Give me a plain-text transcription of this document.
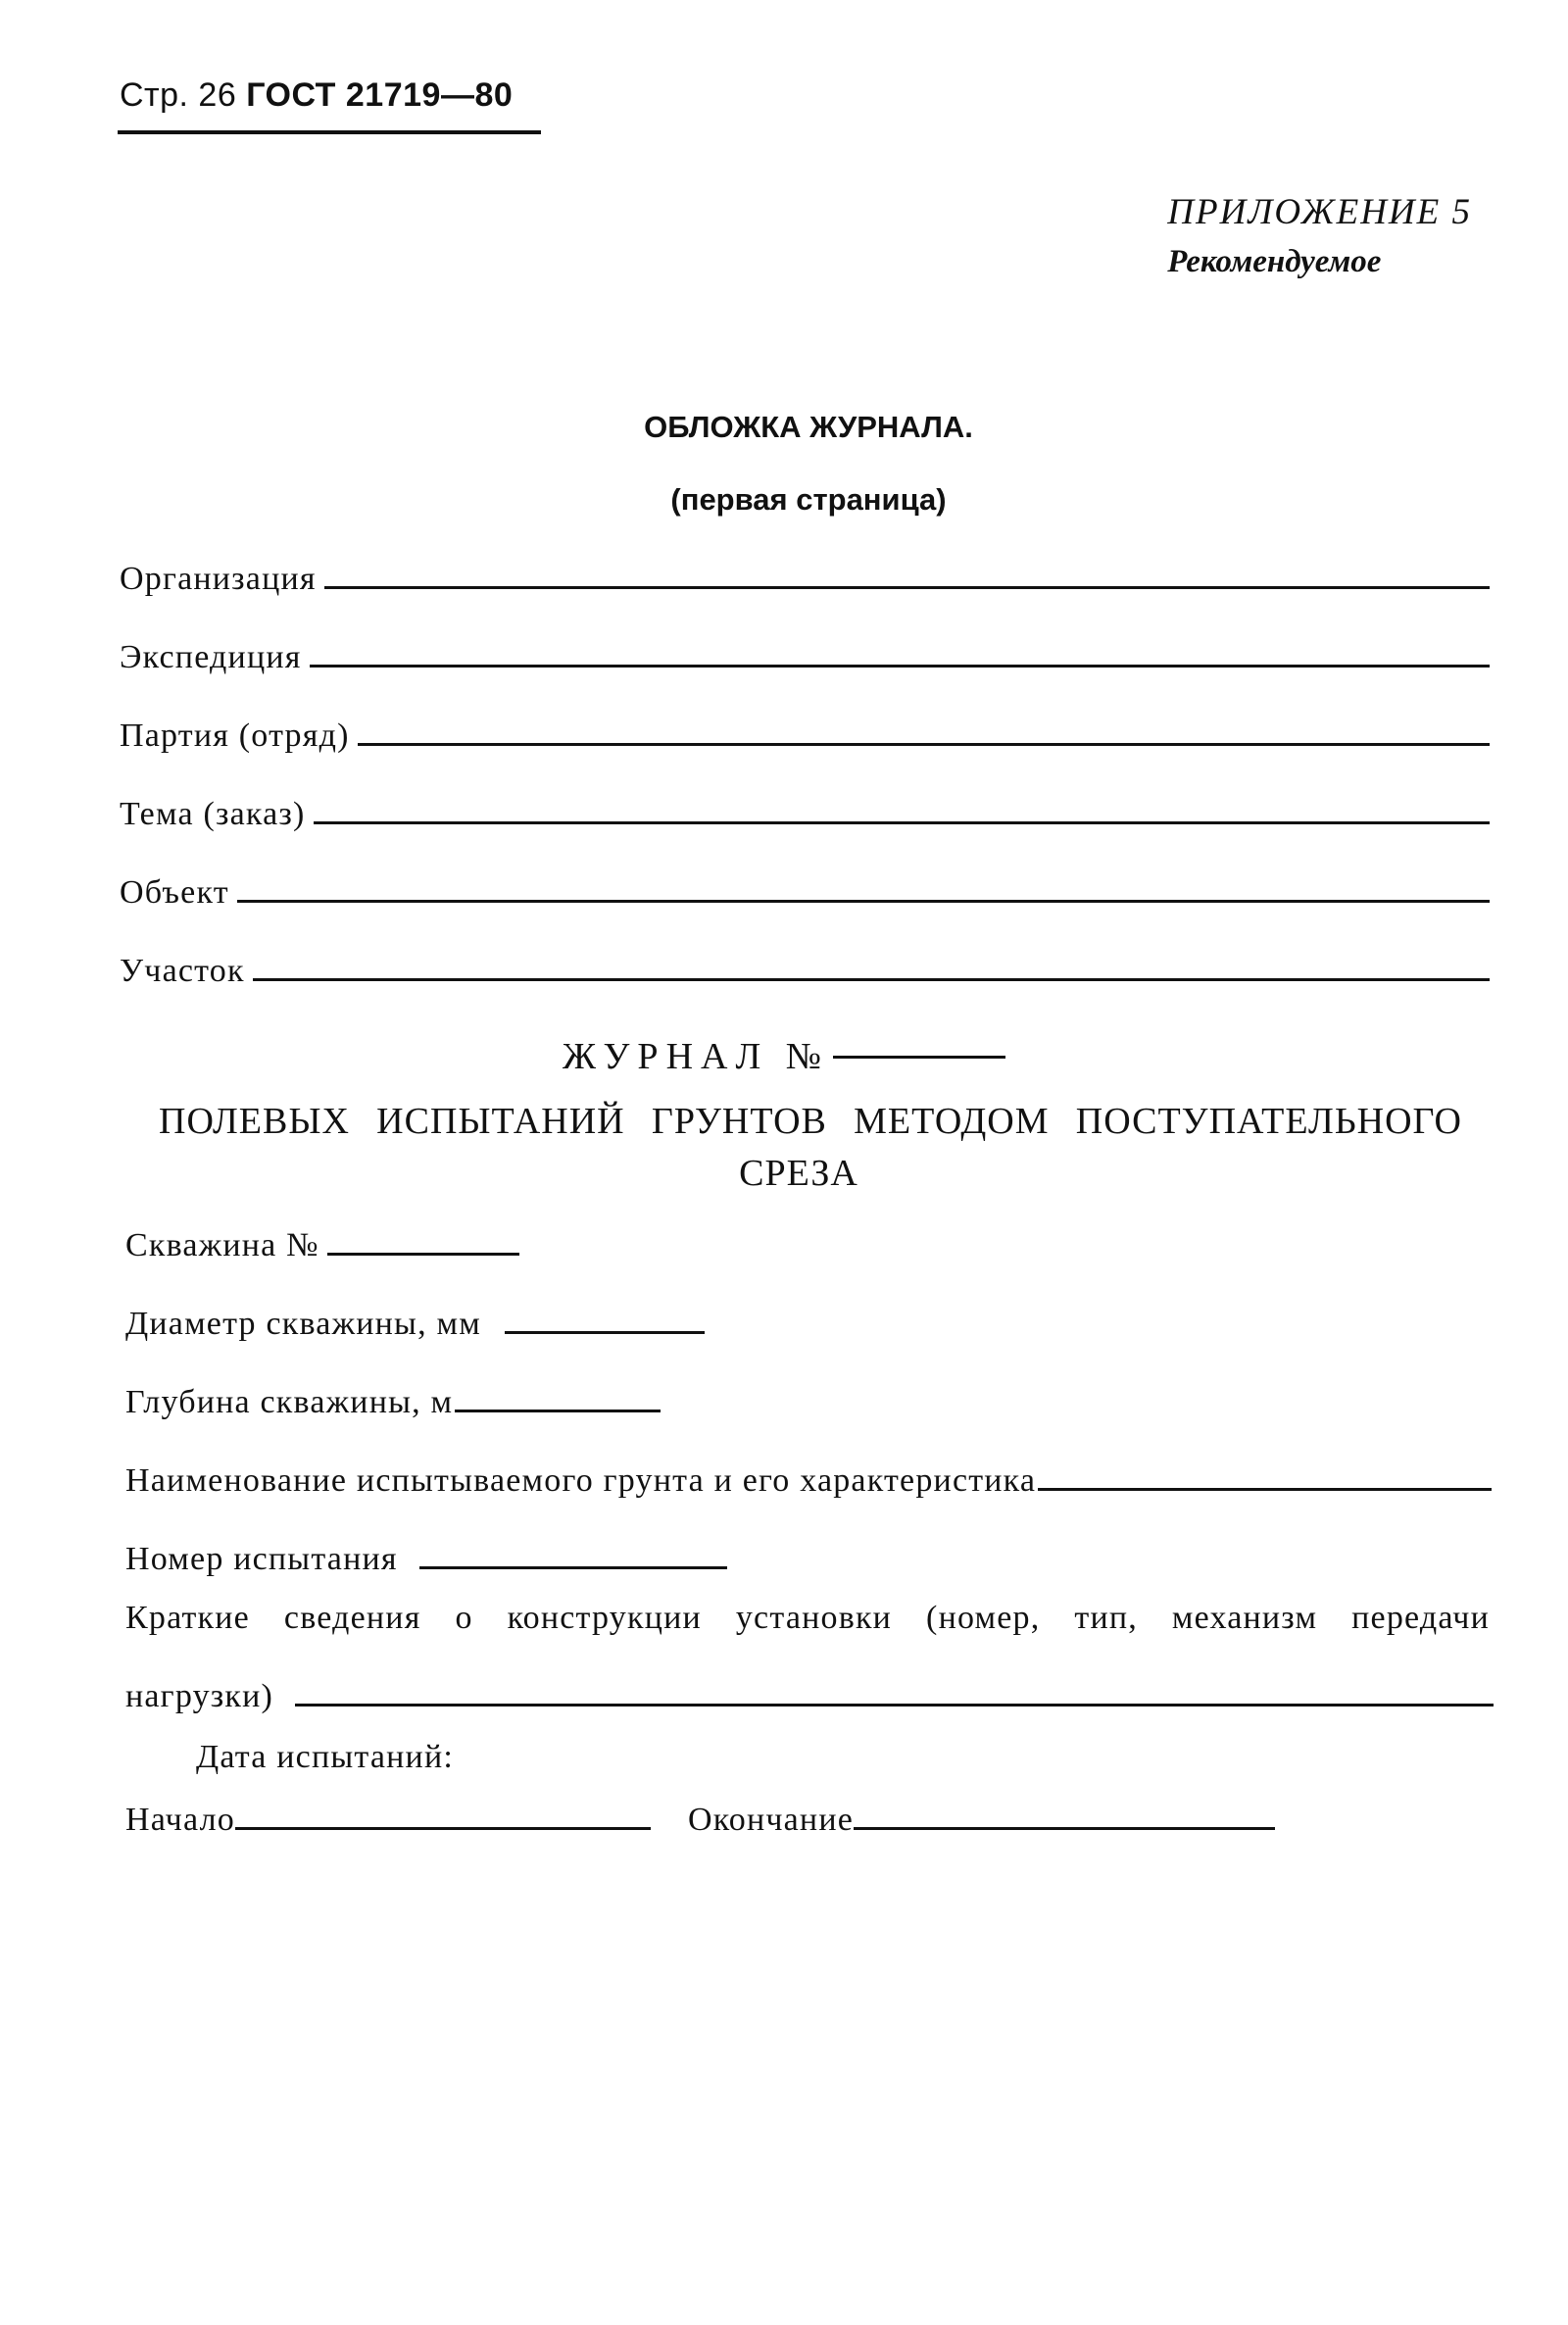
Стр. 26 ГОСТ 21719—80
ПРИЛОЖЕНИЕ 5
Рекомендуемое
ОБЛОЖКА ЖУРНАЛА.
(первая страница)
Организация
Экспедиция
Партия (отряд)
Тема (заказ)
Объект
Участок
ЖУРНАЛ №
ПОЛЕВЫХ ИСПЫТАНИЙ ГРУНТОВ МЕТОДОМ ПОСТУПАТЕЛЬНОГО
СРЕЗА
Скважина №
Диаметр скважины, мм
Глубина скважины, м
Наименование испытываемого грунта и его характеристика
Номер испытания
Краткие сведения о конструкции установки (номер, тип, механизм передачи
нагрузки)
Дата испытаний:
Начало	Окончание
